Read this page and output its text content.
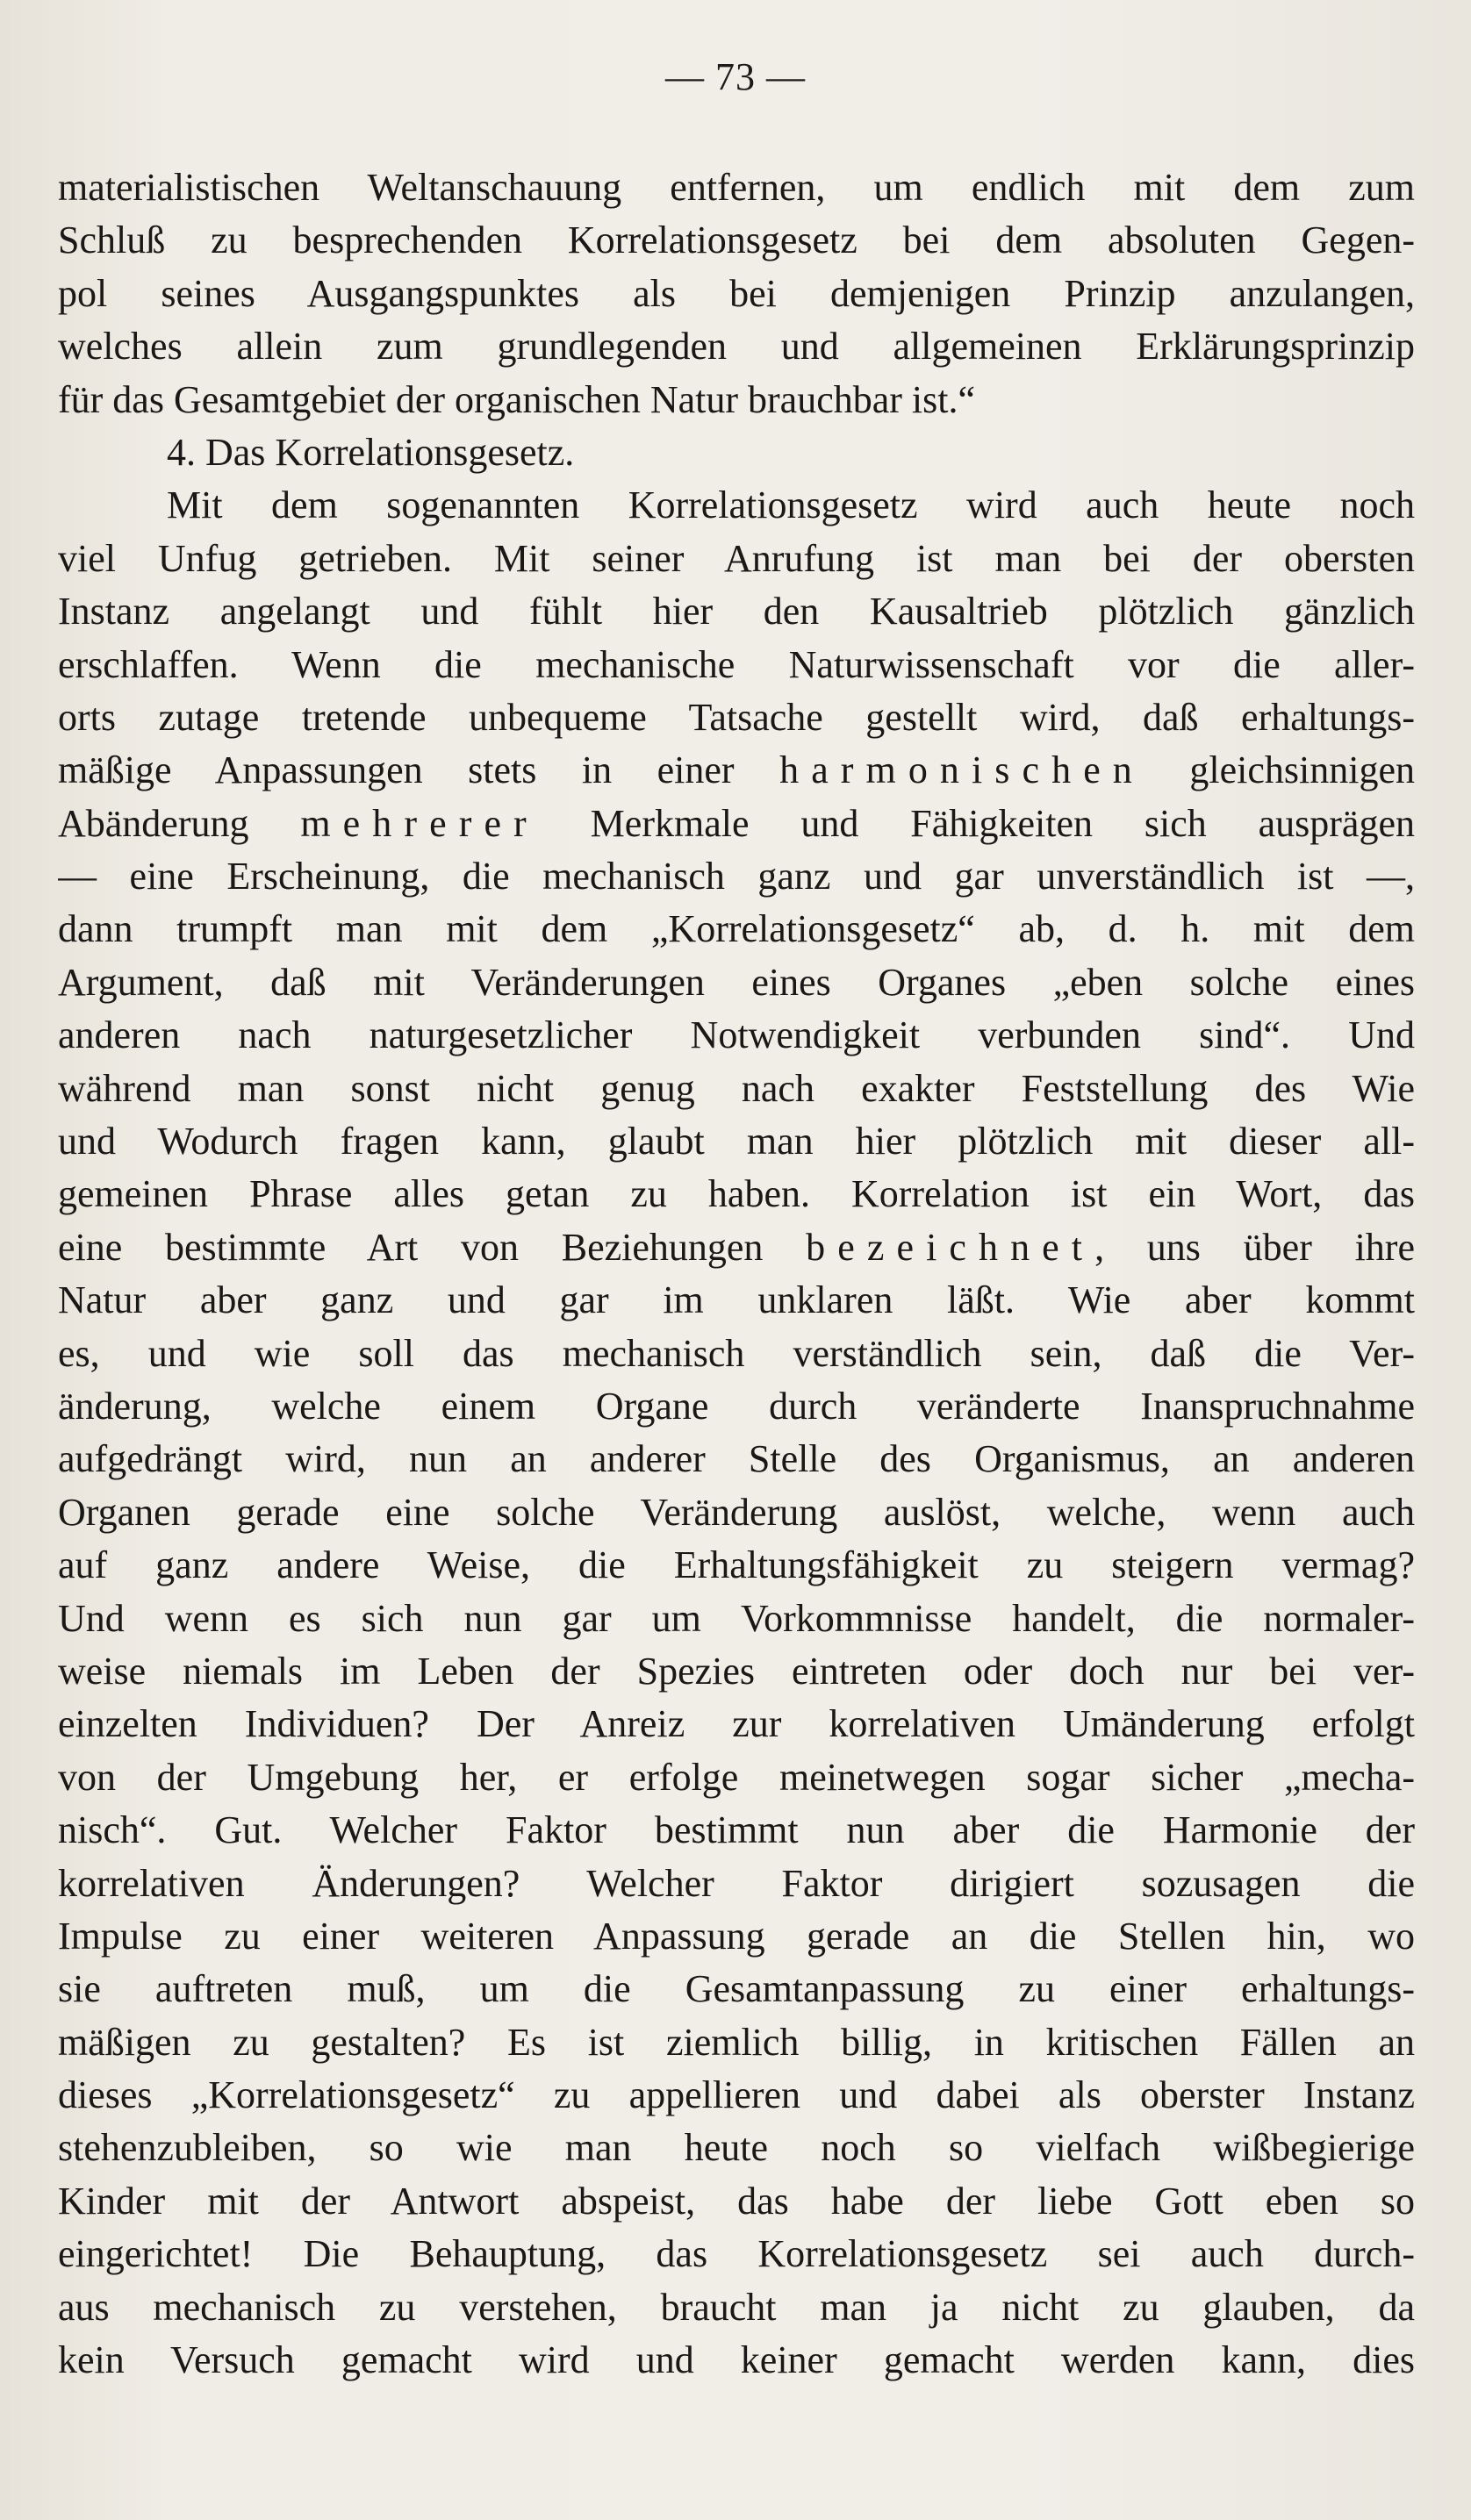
— 73 —
materialistischen Weltanschauung entfernen, um endlich mit dem zum
Schluß zu besprechenden Korrelationsgesetz bei dem absoluten Gegen-
pol seines Ausgangspunktes als bei demjenigen Prinzip anzulangen,
welches allein zum grundlegenden und allgemeinen Erklärungsprinzip
für das Gesamtgebiet der organischen Natur brauchbar ist.“
4. Das Korrelationsgesetz.
Mit dem sogenannten Korrelationsgesetz wird auch heute noch
viel Unfug getrieben. Mit seiner Anrufung ist man bei der obersten
Instanz angelangt und fühlt hier den Kausaltrieb plötzlich gänzlich
erschlaffen. Wenn die mechanische Naturwissenschaft vor die aller-
orts zutage tretende unbequeme Tatsache gestellt wird, daß erhaltungs-
mäßige Anpassungen stets in einer harmonischen gleichsinnigen
Abänderung mehrerer Merkmale und Fähigkeiten sich ausprägen
— eine Erscheinung, die mechanisch ganz und gar unverständlich ist —,
dann trumpft man mit dem „Korrelationsgesetz“ ab, d. h. mit dem
Argument, daß mit Veränderungen eines Organes „eben solche eines
anderen nach naturgesetzlicher Notwendigkeit verbunden sind“. Und
während man sonst nicht genug nach exakter Feststellung des Wie
und Wodurch fragen kann, glaubt man hier plötzlich mit dieser all-
gemeinen Phrase alles getan zu haben. Korrelation ist ein Wort, das
eine bestimmte Art von Beziehungen bezeichnet, uns über ihre
Natur aber ganz und gar im unklaren läßt. Wie aber kommt
es, und wie soll das mechanisch verständlich sein, daß die Ver-
änderung, welche einem Organe durch veränderte Inanspruchnahme
aufgedrängt wird, nun an anderer Stelle des Organismus, an anderen
Organen gerade eine solche Veränderung auslöst, welche, wenn auch
auf ganz andere Weise, die Erhaltungsfähigkeit zu steigern vermag?
Und wenn es sich nun gar um Vorkommnisse handelt, die normaler-
weise niemals im Leben der Spezies eintreten oder doch nur bei ver-
einzelten Individuen? Der Anreiz zur korrelativen Umänderung erfolgt
von der Umgebung her, er erfolge meinetwegen sogar sicher „mecha-
nisch“. Gut. Welcher Faktor bestimmt nun aber die Harmonie der
korrelativen Änderungen? Welcher Faktor dirigiert sozusagen die
Impulse zu einer weiteren Anpassung gerade an die Stellen hin, wo
sie auftreten muß, um die Gesamtanpassung zu einer erhaltungs-
mäßigen zu gestalten? Es ist ziemlich billig, in kritischen Fällen an
dieses „Korrelationsgesetz“ zu appellieren und dabei als oberster Instanz
stehenzubleiben, so wie man heute noch so vielfach wißbegierige
Kinder mit der Antwort abspeist, das habe der liebe Gott eben so
eingerichtet! Die Behauptung, das Korrelationsgesetz sei auch durch-
aus mechanisch zu verstehen, braucht man ja nicht zu glauben, da
kein Versuch gemacht wird und keiner gemacht werden kann, dies
